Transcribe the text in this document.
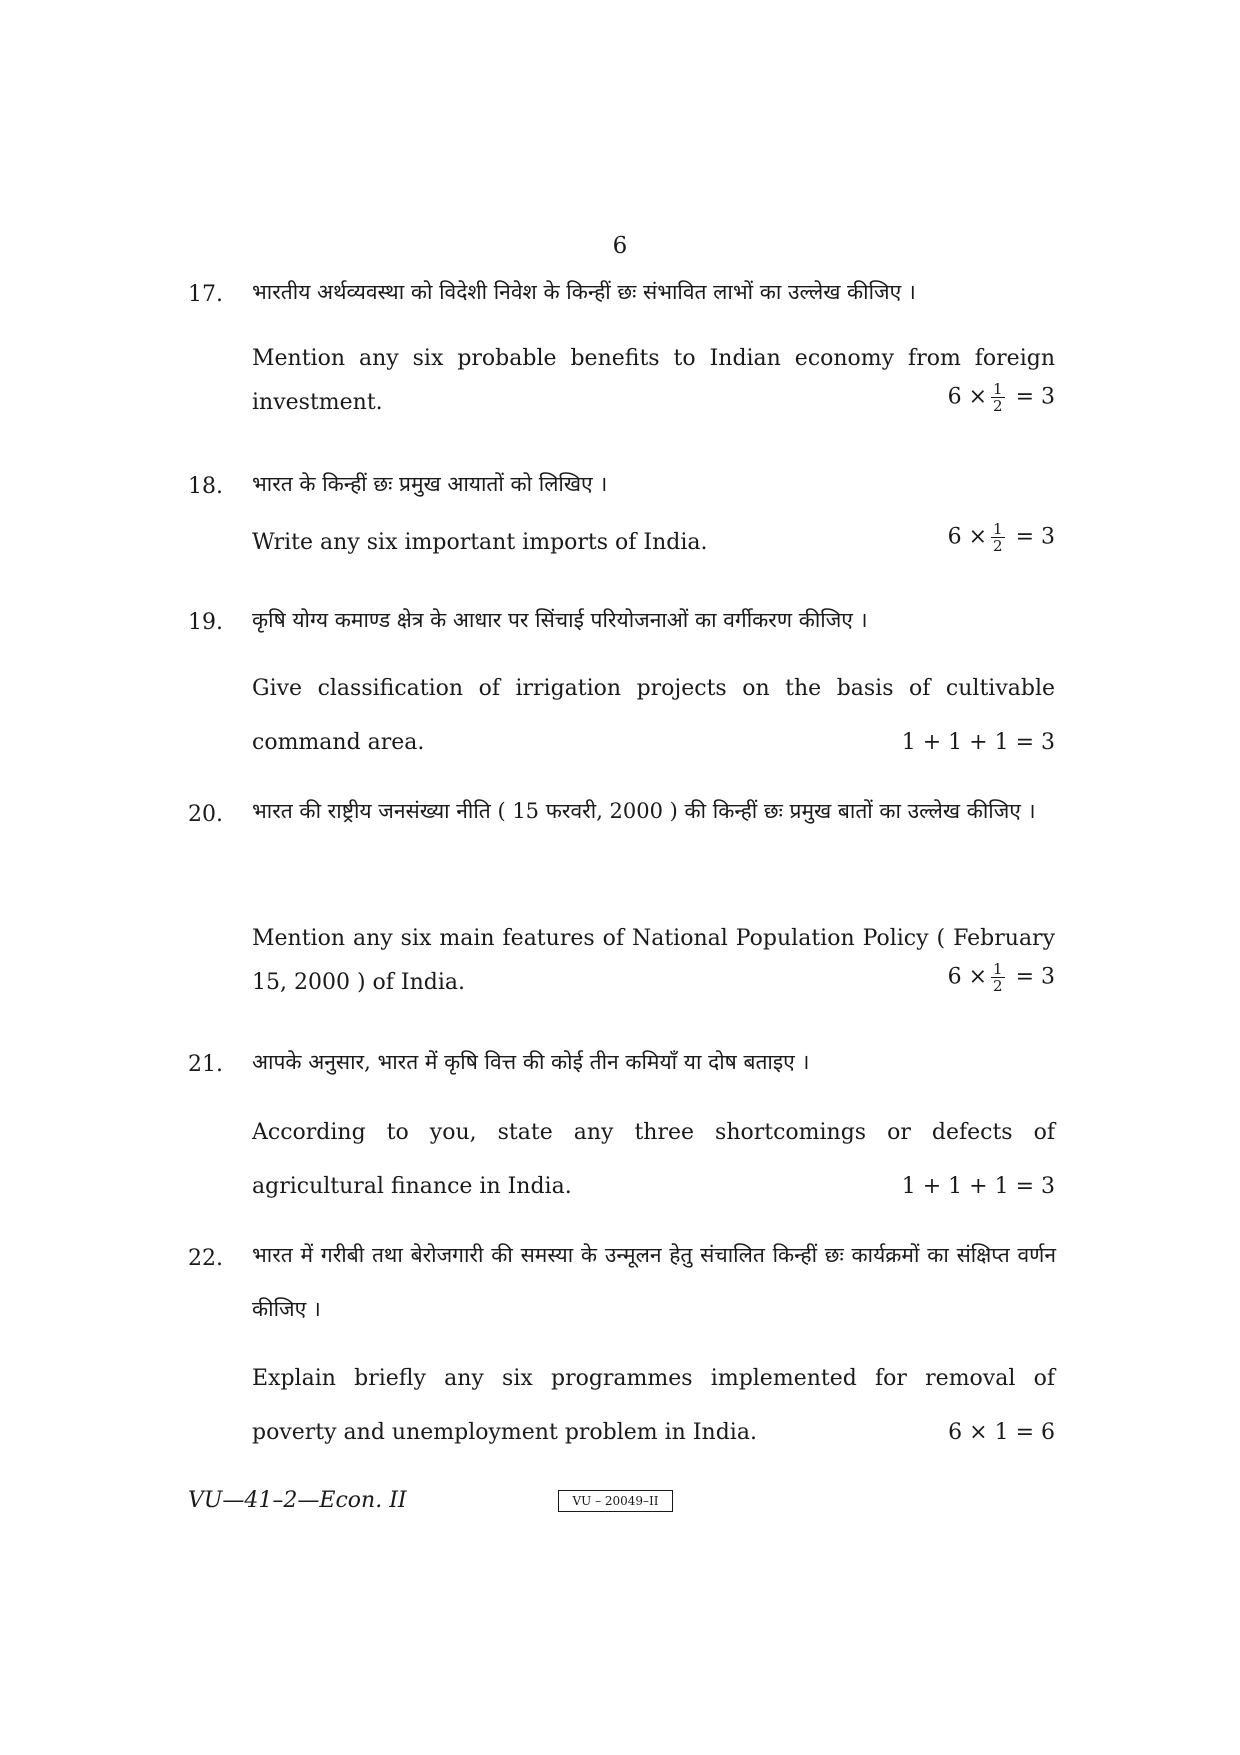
6
17. भारतीय अर्थव्यवस्था को विदेशी निवेश के किन्हीं छः संभावित लाभों का उल्लेख कीजिए ।
Mention any six probable benefits to Indian economy from foreign
investment.	$6 \times \frac{1}{2} = 3$
18. भारत के किन्हीं छः प्रमुख आयातों को लिखिए ।
Write any six important imports of India.	$6 \times \frac{1}{2} = 3$
19. कृषि योग्य कमाण्ड क्षेत्र के आधार पर सिंचाई परियोजनाओं का वर्गीकरण कीजिए ।
Give classification of irrigation projects on the basis of cultivable
command area.	1 + 1 + 1 = 3
20. भारत की राष्ट्रीय जनसंख्या नीति ( 15 फरवरी, 2000 ) की किन्हीं छः प्रमुख बातों का उल्लेख कीजिए ।
Mention any six main features of National Population Policy ( February
15, 2000 ) of India.	$6 \times \frac{1}{2} = 3$
21. आपके अनुसार, भारत में कृषि वित्त की कोई तीन कमियाँ या दोष बताइए ।
According to you, state any three shortcomings or defects of
agricultural finance in India.	1 + 1 + 1 = 3
22. भारत में गरीबी तथा बेरोजगारी की समस्या के उन्मूलन हेतु संचालित किन्हीं छः कार्यक्रमों का संक्षिप्त वर्णन कीजिए ।
Explain briefly any six programmes implemented for removal of
poverty and unemployment problem in India.	6 × 1 = 6
VU—41–2—Econ. II	VU – 20049–II
